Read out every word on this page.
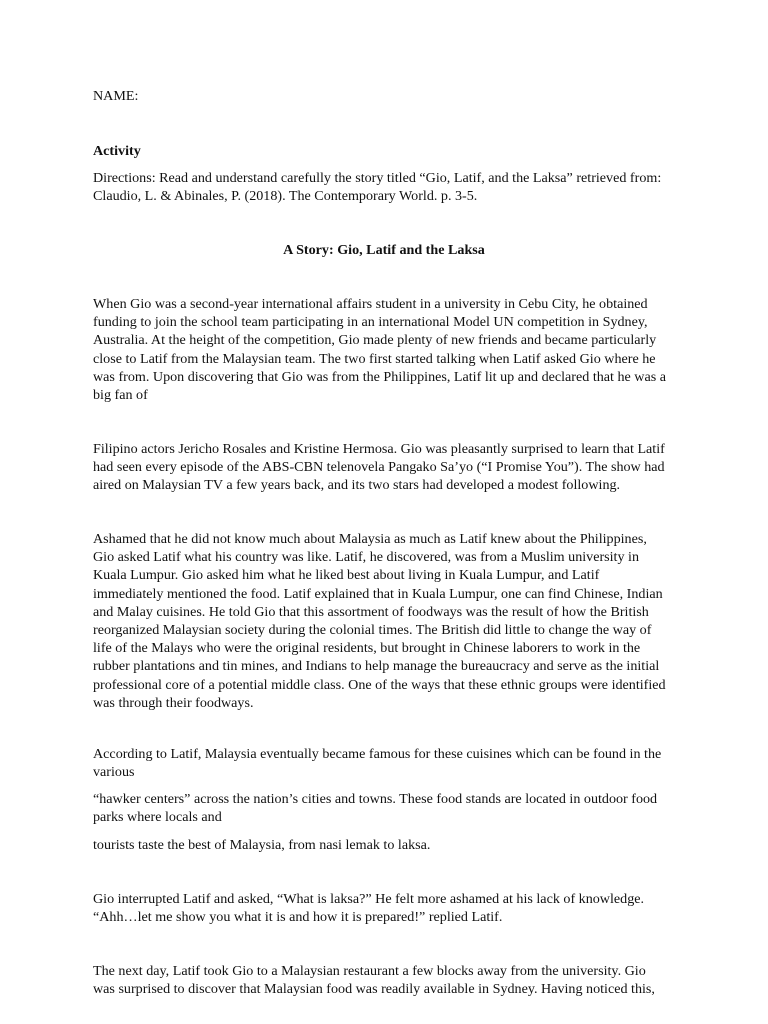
NAME:

Activity

Directions: Read and understand carefully the story titled “Gio, Latif, and the Laksa” retrieved from:
Claudio, L. & Abinales, P. (2018). The Contemporary World. p. 3-5.

A Story: Gio, Latif and the Laksa

When Gio was a second-year international affairs student in a university in Cebu City, he obtained
funding to join the school team participating in an international Model UN competition in Sydney,
Australia. At the height of the competition, Gio made plenty of new friends and became particularly
close to Latif from the Malaysian team. The two first started talking when Latif asked Gio where he
was from. Upon discovering that Gio was from the Philippines, Latif lit up and declared that he was a
big fan of

Filipino actors Jericho Rosales and Kristine Hermosa. Gio was pleasantly surprised to learn that Latif
had seen every episode of the ABS-CBN telenovela Pangako Sa’yo (“I Promise You”). The show had
aired on Malaysian TV a few years back, and its two stars had developed a modest following.

Ashamed that he did not know much about Malaysia as much as Latif knew about the Philippines,
Gio asked Latif what his country was like. Latif, he discovered, was from a Muslim university in
Kuala Lumpur. Gio asked him what he liked best about living in Kuala Lumpur, and Latif
immediately mentioned the food. Latif explained that in Kuala Lumpur, one can find Chinese, Indian
and Malay cuisines. He told Gio that this assortment of foodways was the result of how the British
reorganized Malaysian society during the colonial times. The British did little to change the way of
life of the Malays who were the original residents, but brought in Chinese laborers to work in the
rubber plantations and tin mines, and Indians to help manage the bureaucracy and serve as the initial
professional core of a potential middle class. One of the ways that these ethnic groups were identified
was through their foodways.

According to Latif, Malaysia eventually became famous for these cuisines which can be found in the
various

“hawker centers” across the nation’s cities and towns. These food stands are located in outdoor food
parks where locals and

tourists taste the best of Malaysia, from nasi lemak to laksa.

Gio interrupted Latif and asked, “What is laksa?” He felt more ashamed at his lack of knowledge.
“Ahh…let me show you what it is and how it is prepared!” replied Latif.

The next day, Latif took Gio to a Malaysian restaurant a few blocks away from the university. Gio
was surprised to discover that Malaysian food was readily available in Sydney. Having noticed this,
